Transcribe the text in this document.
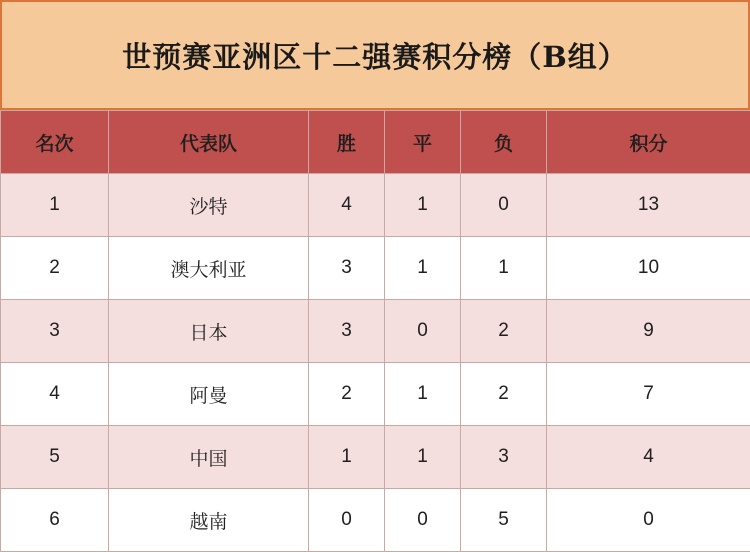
世预赛亚洲区十二强赛积分榜（B组）
名次	代表队	胜	平	负	积分
1	沙特	4	1	0	13
2	澳大利亚	3	1	1	10
3	日本	3	0	2	9
4	阿曼	2	1	2	7
5	中国	1	1	3	4
6	越南	0	0	5	0
